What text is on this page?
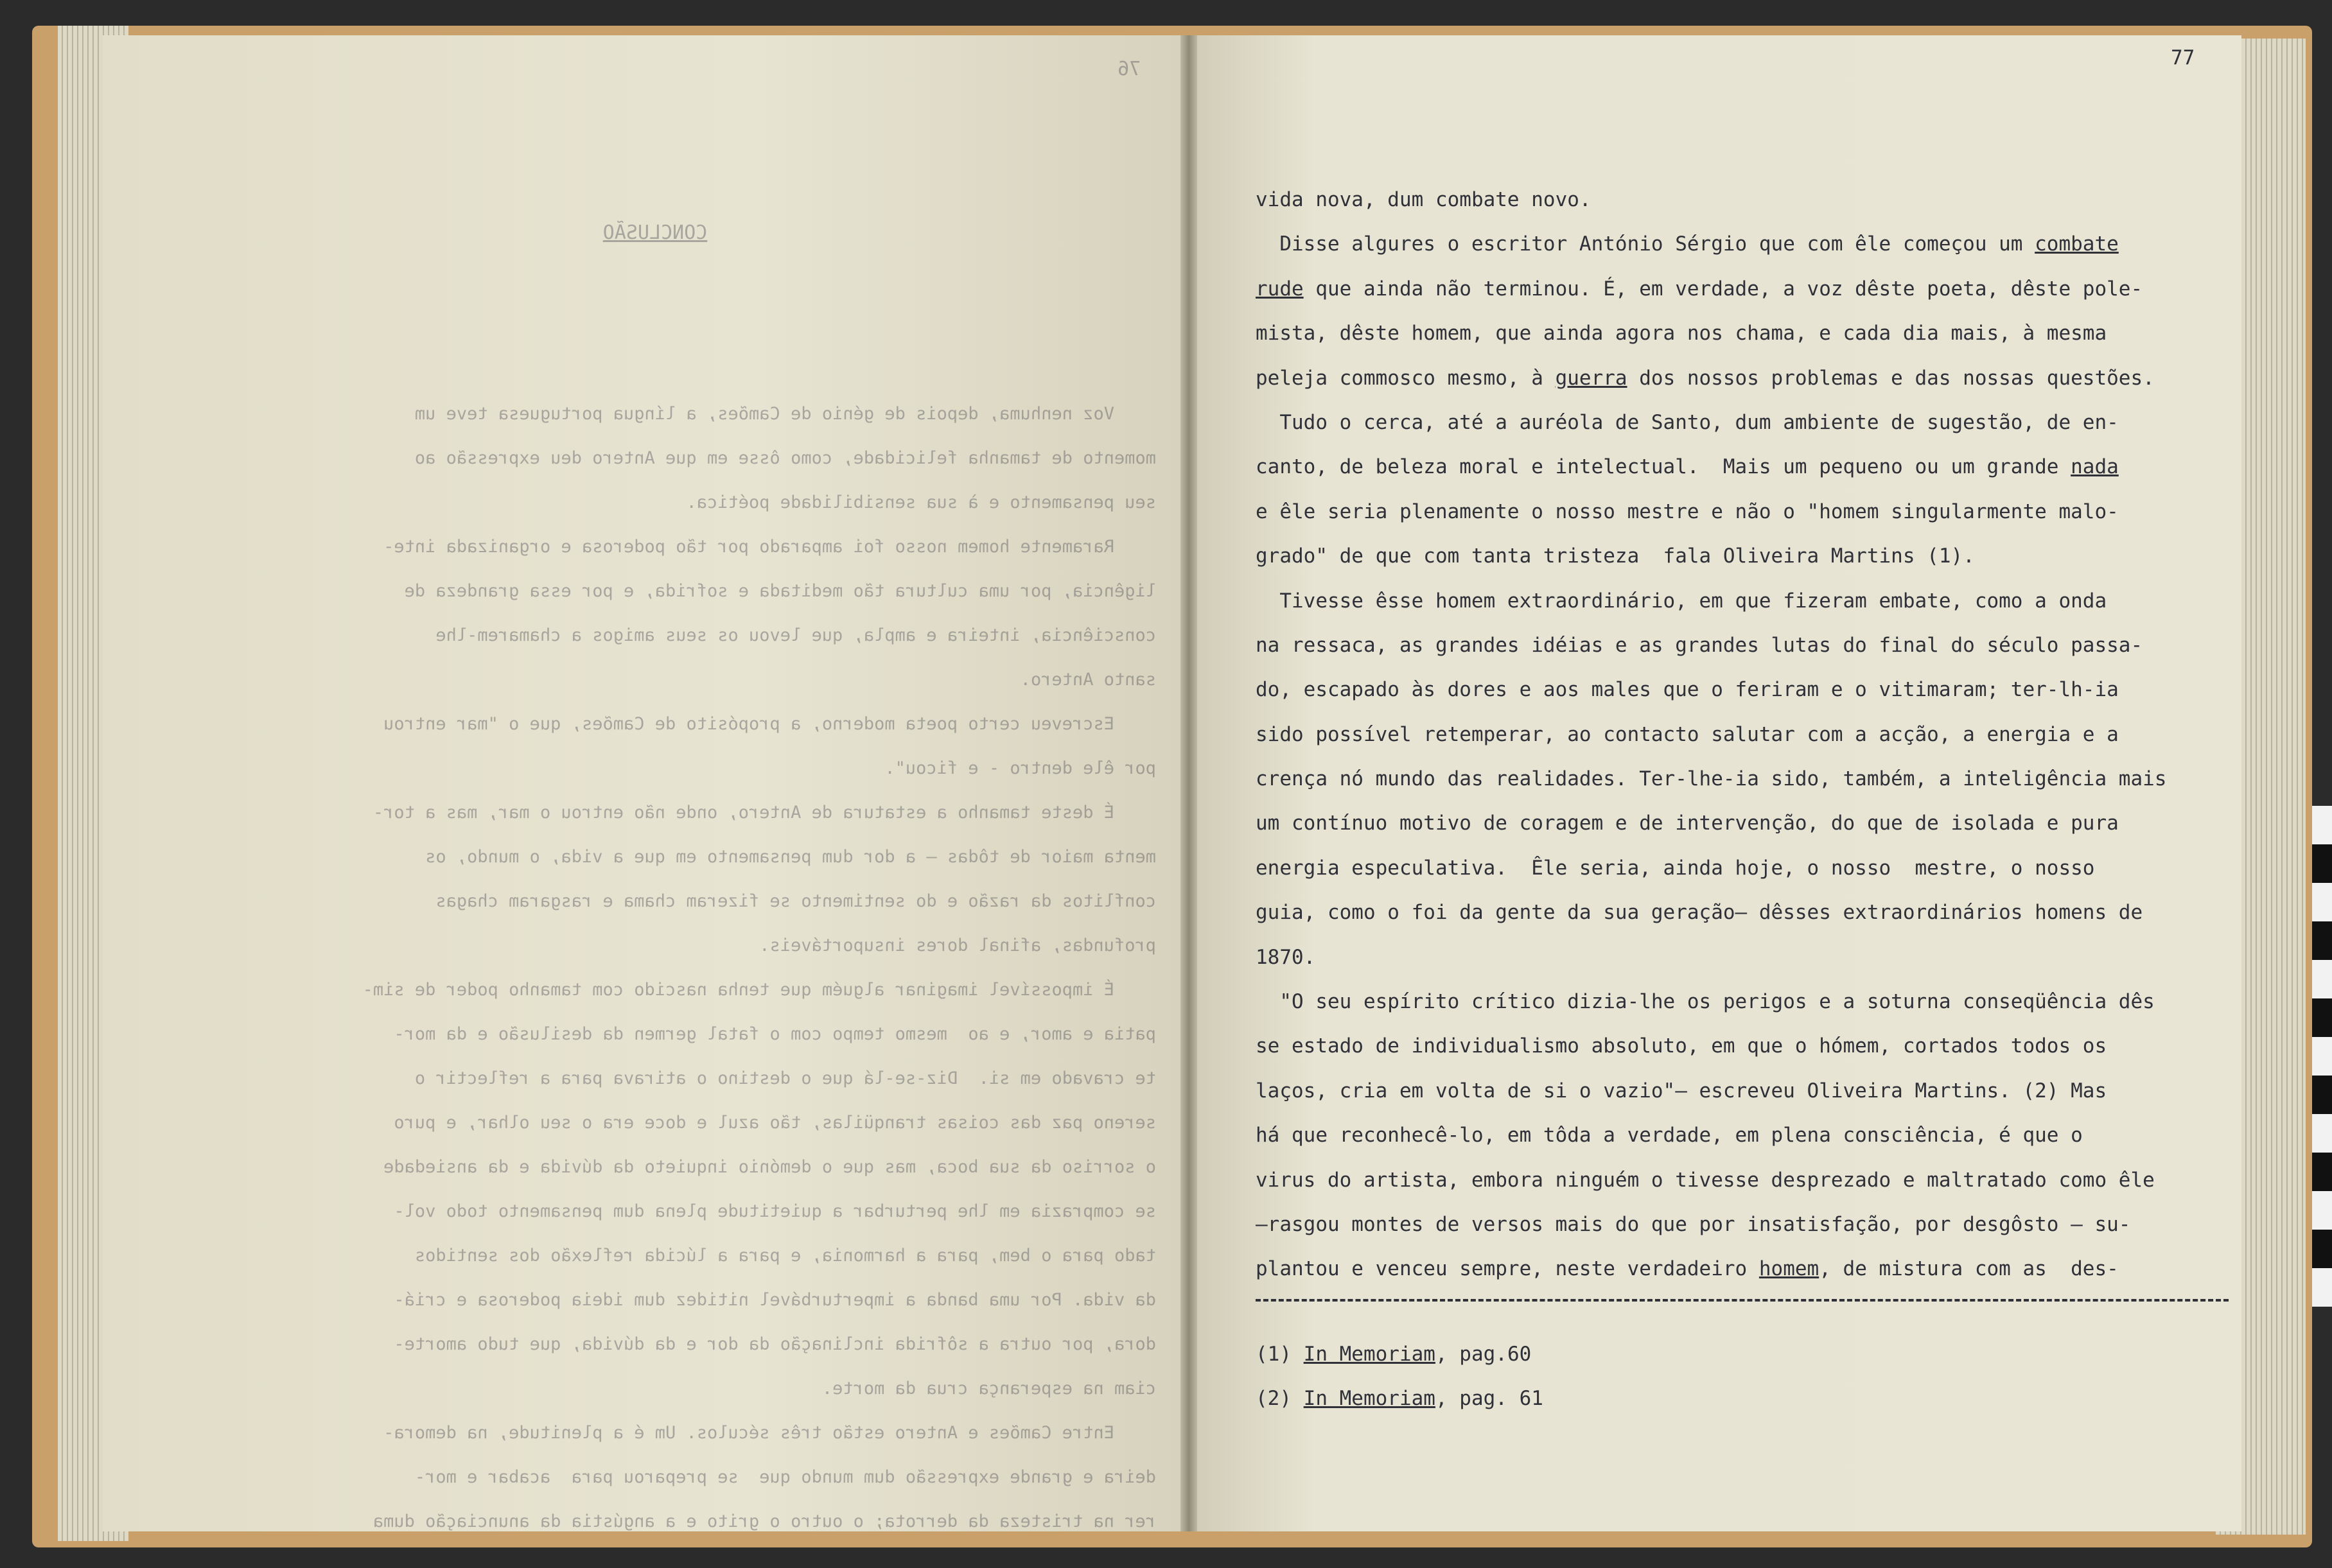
76
CONCLUSÃO
Voz nenhuma, depois de génio de Camões, a língua portuguesa teve um
momento de tamanha felicidade, como ôsse em que Antero deu expressão ao
seu pensamento e à sua sensibilidade poética.
Raramente homem nosso foi amparado por tão poderosa e organizada inte-
ligência, por uma cultura tão meditada e sofrida, e por essa grandeza de
consciência, inteira e ampla, que levou os seus amigos a chamarem-lhe
santo Antero.
Escreveu certo poeta moderno, a propósito de Camões, que o "mar entrou
por êle dentro - e ficou".
É deste tamanho a estatura de Antero, onde não entrou o mar, mas a tor-
menta maior de tôdas — a dor dum pensamento em que a vida, o mundo, os
conflitos da razão e do sentimento se fizeram chama e rasgaram chagas
profundas, afinal dores insuportáveis.
É impossível imaginar alguém que tenha nascido com tamanho poder de sim-
patia e amor, e ao  mesmo tempo com o fatal germen da desilusão e da mor-
te cravado em si.  Diz-se-lá que o destino o atirava para a reflectir o
sereno paz das coisas tranqüilas, tão azul e doce era o seu olhar, e puro
o sorriso da sua boca, mas que o demónio inquieto da dúvida e da ansiedade
se comprazia em lhe perturbar a quietitude plena dum pensamento todo vol-
tado para o bem, para a harmonia, e para a lúcida reflexão dos sentidos
da vida. Por uma banda a imperturbável nitidez dum ideia poderosa e criá-
dora, por outra a sôfrida inclinação da dor e da dúvida, que tudo amorte-
ciam na esperança crua da morte.
Entre Camões e Antero estão três séculos. Um é a plenitude, na demora-
deira e grande expressão dum mundo que  se preparou para  acabar e mor-
rer na tristeza da derrota; o outro o grito e a angústia da anunciação duma
77
vida nova, dum combate novo.
Disse algures o escritor António Sérgio que com êle começou um combate
rude que ainda não terminou. É, em verdade, a voz dêste poeta, dêste pole-
mista, dêste homem, que ainda agora nos chama, e cada dia mais, à mesma
peleja commosco mesmo, à guerra dos nossos problemas e das nossas questões.
Tudo o cerca, até a auréola de Santo, dum ambiente de sugestão, de en-
canto, de beleza moral e intelectual.  Mais um pequeno ou um grande nada
e êle seria plenamente o nosso mestre e não o "homem singularmente malo-
grado" de que com tanta tristeza  fala Oliveira Martins (1).
Tivesse êsse homem extraordinário, em que fizeram embate, como a onda
na ressaca, as grandes idéias e as grandes lutas do final do século passa-
do, escapado às dores e aos males que o feriram e o vitimaram; ter-lh-ia
sido possível retemperar, ao contacto salutar com a acção, a energia e a
crença nó mundo das realidades. Ter-lhe-ia sido, também, a inteligência mais
um contínuo motivo de coragem e de intervenção, do que de isolada e pura
energia especulativa.  Êle seria, ainda hoje, o nosso  mestre, o nosso
guia, como o foi da gente da sua geração— dêsses extraordinários homens de
1870.
"O seu espírito crítico dizia-lhe os perigos e a soturna conseqüência dês
se estado de individualismo absoluto, em que o hómem, cortados todos os
laços, cria em volta de si o vazio"— escreveu Oliveira Martins. (2) Mas
há que reconhecê-lo, em tôda a verdade, em plena consciência, é que o
virus do artista, embora ninguém o tivesse desprezado e maltratado como êle
—rasgou montes de versos mais do que por insatisfação, por desgôsto — su-
plantou e venceu sempre, neste verdadeiro homem, de mistura com as  des-
(1) In Memoriam, pag.60
(2) In Memoriam, pag. 61
